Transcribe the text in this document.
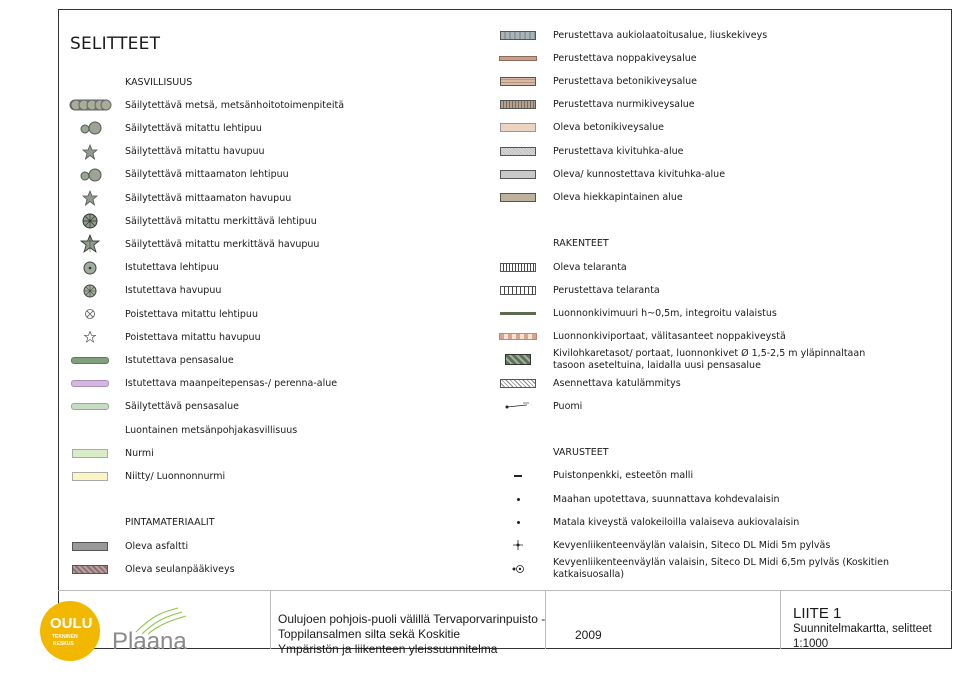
SELITTEET
KASVILLISUUS
Säilytettävä metsä, metsänhoitotoimenpiteitä
Säilytettävä mitattu lehtipuu
Säilytettävä mitattu havupuu
Säilytettävä mittaamaton lehtipuu
Säilytettävä mittaamaton havupuu
Säilytettävä mitattu merkittävä lehtipuu
Säilytettävä mitattu merkittävä havupuu
Istutettava lehtipuu
Istutettava havupuu
Poistettava mitattu lehtipuu
Poistettava mitattu havupuu
Istutettava pensasalue
Istutettava maanpeitepensas-/ perenna-alue
Säilytettävä pensasalue
Luontainen metsänpohjakasvillisuus
Nurmi
Niitty/ Luonnonnurmi
PINTAMATERIAALIT
Oleva asfaltti
Oleva seulanpääkiveys
Perustettava aukiolaatoitusalue, liuskekiveys
Perustettava noppakiveysalue
Perustettava betonikiveysalue
Perustettava nurmikiveysalue
Oleva betonikiveysalue
Perustettava kivituhka-alue
Oleva/ kunnostettava kivituhka-alue
Oleva hiekkapintainen alue
RAKENTEET
Oleva telaranta
Perustettava telaranta
Luonnonkivimuuri h~0,5m, integroitu valaistus
Luonnonkiviportaat, välitasanteet noppakiveystä
Kivilohkaretasot/ portaat, luonnonkivet Ø 1,5-2,5 m yläpinnaltaan tasoon aseteltuina, laidalla uusi pensasalue
Asennettava katulämmitys
Puomi
VARUSTEET
Puistonpenkki, esteetön malli
Maahan upotettava, suunnattava kohdevalaisin
Matala kiveystä valokeiloilla valaiseva aukiovalaisin
Kevyenliikenteenväylän valaisin, Siteco DL Midi 5m pylväs
Kevyenliikenteenväylän valaisin, Siteco DL Midi 6,5m pylväs (Koskitien katkaisuosalla)
OULU
TEKNINEN
KESKUS Plaana
Oulujoen pohjois-puoli välillä Tervaporvarinpuisto -
Toppilansalmen silta sekä Koskitie
Ympäristön ja liikenteen yleissuunnitelma
2009
LIITE 1
Suunnitelmakartta, selitteet
1:1000
